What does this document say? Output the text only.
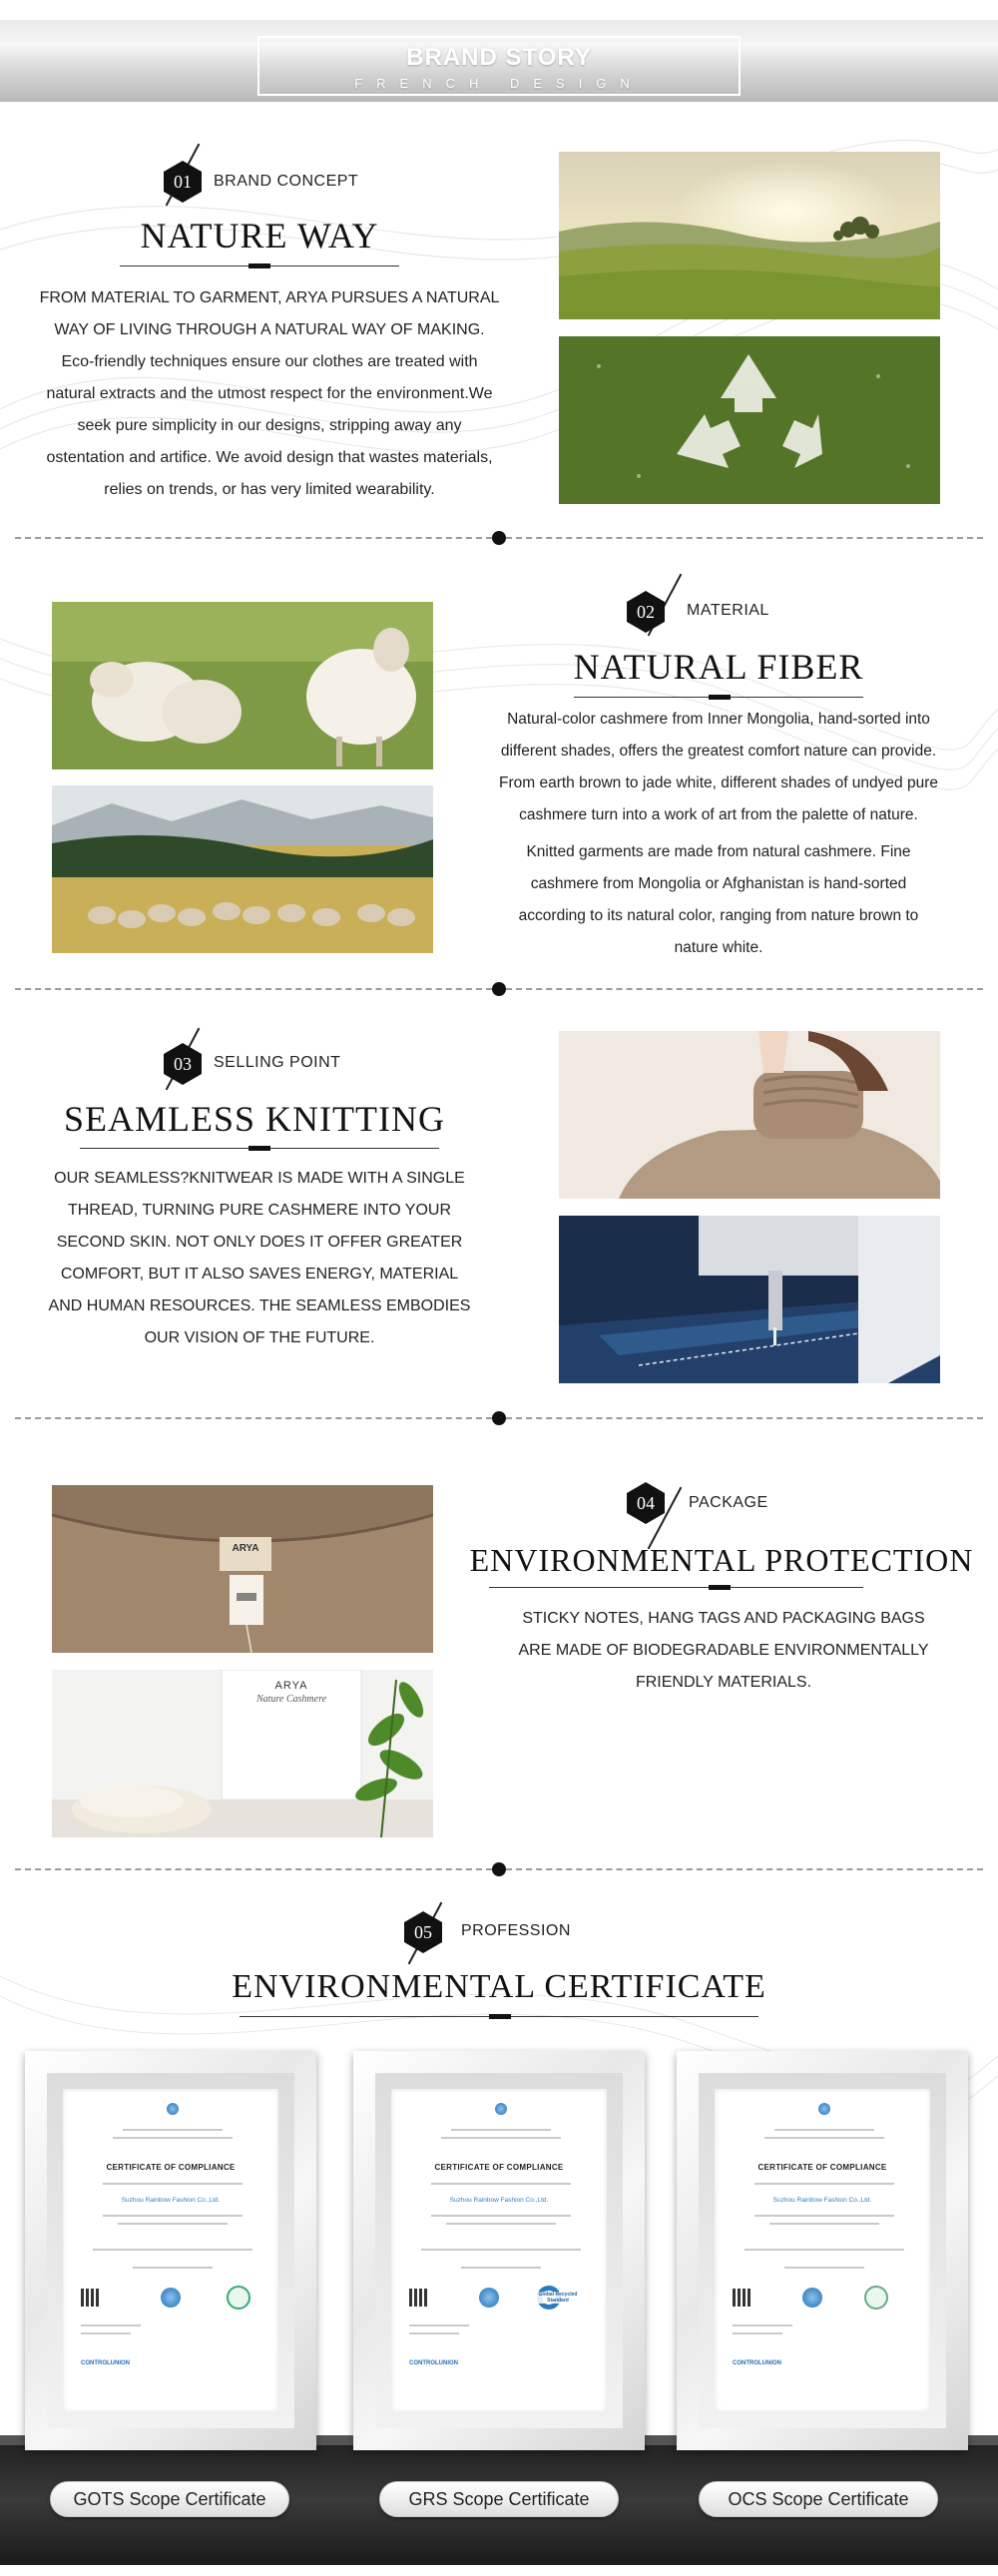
BRAND STORY
FRENCH DESIGN
01	BRAND CONCEPT
NATURE WAY

FROM MATERIAL TO GARMENT, ARYA PURSUES A NATURAL

WAY OF LIVING THROUGH A NATURAL WAY OF MAKING.

Eco-friendly techniques ensure our clothes are treated with

natural extracts and the utmost respect for the environment.We

seek pure simplicity in our designs, stripping away any

ostentation and artifice. We avoid design that wastes materials,

relies on trends, or has very limited wearability.

02	MATERIAL
NATURAL FIBER

Natural-color cashmere from Inner Mongolia, hand-sorted into

different shades, offers the greatest comfort nature can provide.

From earth brown to jade white, different shades of undyed pure

cashmere turn into a work of art from the palette of nature.

Knitted garments are made from natural cashmere. Fine

cashmere from Mongolia or Afghanistan is hand-sorted

according to its natural color, ranging from nature brown to

nature white.

03	SELLING POINT
SEAMLESS KNITTING

OUR SEAMLESS?KNITWEAR IS MADE WITH A SINGLE

THREAD, TURNING PURE CASHMERE INTO YOUR

SECOND SKIN. NOT ONLY DOES IT OFFER GREATER

COMFORT, BUT IT ALSO SAVES ENERGY, MATERIAL

AND HUMAN RESOURCES. THE SEAMLESS EMBODIES

OUR VISION OF THE FUTURE.

ARYA
ARYA
Nature Cashmere
04	PACKAGE
ENVIRONMENTAL PROTECTION

STICKY NOTES, HANG TAGS AND PACKAGING BAGS

ARE MADE OF BIODEGRADABLE ENVIRONMENTALLY

FRIENDLY MATERIALS.

05	PROFESSION
ENVIRONMENTAL CERTIFICATE
CERTIFICATE OF COMPLIANCE
Suzhou Rainbow Fashion Co.,Ltd.
CONTROLUNION
GOTS Scope Certificate
CERTIFICATE OF COMPLIANCE
Suzhou Rainbow Fashion Co.,Ltd.
Global Recycled Standard
CONTROLUNION
GRS Scope Certificate
CERTIFICATE OF COMPLIANCE
Suzhou Rainbow Fashion Co.,Ltd.
CONTROLUNION
OCS Scope Certificate
